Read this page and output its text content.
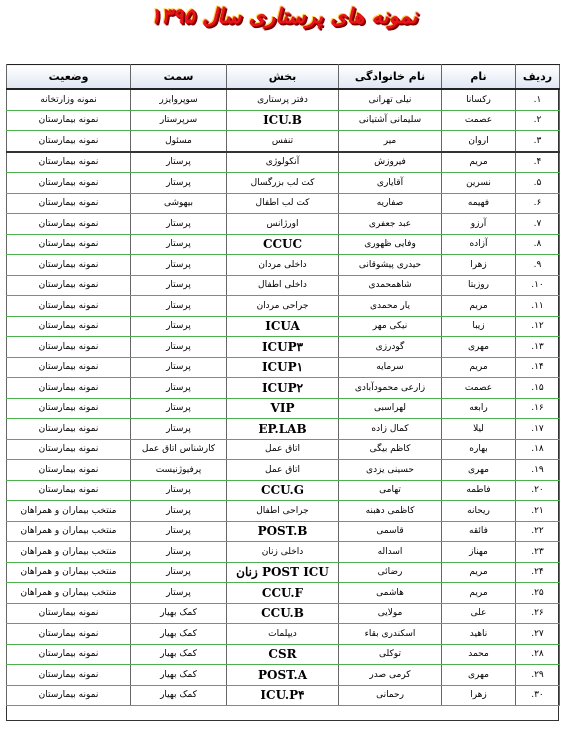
نمونه های پرستاری سال ۱۳۹۵
ردیف	نام	نام خانوادگی	بخش	سمت	وضعیت
۱.	رکسانا	نیلی تهرانی	دفتر پرستاری	سوپروایزر	نمونه وزارتخانه
۲.	عصمت	سلیمانی آشتیانی	ICU.B	سرپرستار	نمونه بیمارستان
۳.	اروان	میر	تنفس	مسئول	نمونه بیمارستان
۴.	مریم	فیروزش	آنکولوژی	پرستار	نمونه بیمارستان
۵.	نسرین	آقایاری	کت لب بزرگسال	پرستار	نمونه بیمارستان
۶.	فهیمه	صفاریه	کت لب اطفال	بیهوشی	نمونه بیمارستان
۷.	آرزو	عبد جعفری	اورژانس	پرستار	نمونه بیمارستان
۸.	آزاده	وفایی ظهوری	CCUC	پرستار	نمونه بیمارستان
۹.	زهرا	حیدری پیشوقانی	داخلی مردان	پرستار	نمونه بیمارستان
۱۰.	روزبتا	شاهمحمدی	داخلی اطفال	پرستار	نمونه بیمارستان
۱۱.	مریم	یار محمدی	جراحی مردان	پرستار	نمونه بیمارستان
۱۲.	زیبا	نیکی مهر	ICUA	پرستار	نمونه بیمارستان
۱۳.	مهری	گودرزی	ICUP۳	پرستار	نمونه بیمارستان
۱۴.	مریم	سرمایه	ICUP۱	پرستار	نمونه بیمارستان
۱۵.	عصمت	زارعی محمودآبادی	ICUP۲	پرستار	نمونه بیمارستان
۱۶.	رابعه	لهراسبی	VIP	پرستار	نمونه بیمارستان
۱۷.	لیلا	کمال زاده	EP.LAB	پرستار	نمونه بیمارستان
۱۸.	بهاره	کاظم بیگی	اتاق عمل	کارشناس اتاق عمل	نمونه بیمارستان
۱۹.	مهری	حسینی یزدی	اتاق عمل	پرفیوژنیست	نمونه بیمارستان
۲۰.	فاطمه	تهامی	CCU.G	پرستار	نمونه بیمارستان
۲۱.	ریحانه	کاظمی دهبنه	جراحی اطفال	پرستار	منتخب بیماران و همراهان
۲۲.	فائقه	قاسمی	POST.B	پرستار	منتخب بیماران و همراهان
۲۳.	مهناز	اسداله	داخلی زنان	پرستار	منتخب بیماران و همراهان
۲۴.	مریم	رضائی	POST ICU زنان	پرستار	منتخب بیماران و همراهان
۲۵.	مریم	هاشمی	CCU.F	پرستار	منتخب بیماران و همراهان
۲۶.	علی	مولایی	CCU.B	کمک بهیار	نمونه بیمارستان
۲۷.	ناهید	اسکندری بقاء	دیپلمات	کمک بهیار	نمونه بیمارستان
۲۸.	محمد	توکلی	CSR	کمک بهیار	نمونه بیمارستان
۲۹.	مهری	کرمی صدر	POST.A	کمک بهیار	نمونه بیمارستان
۳۰.	زهرا	رحمانی	ICU.P۴	کمک بهیار	نمونه بیمارستان
